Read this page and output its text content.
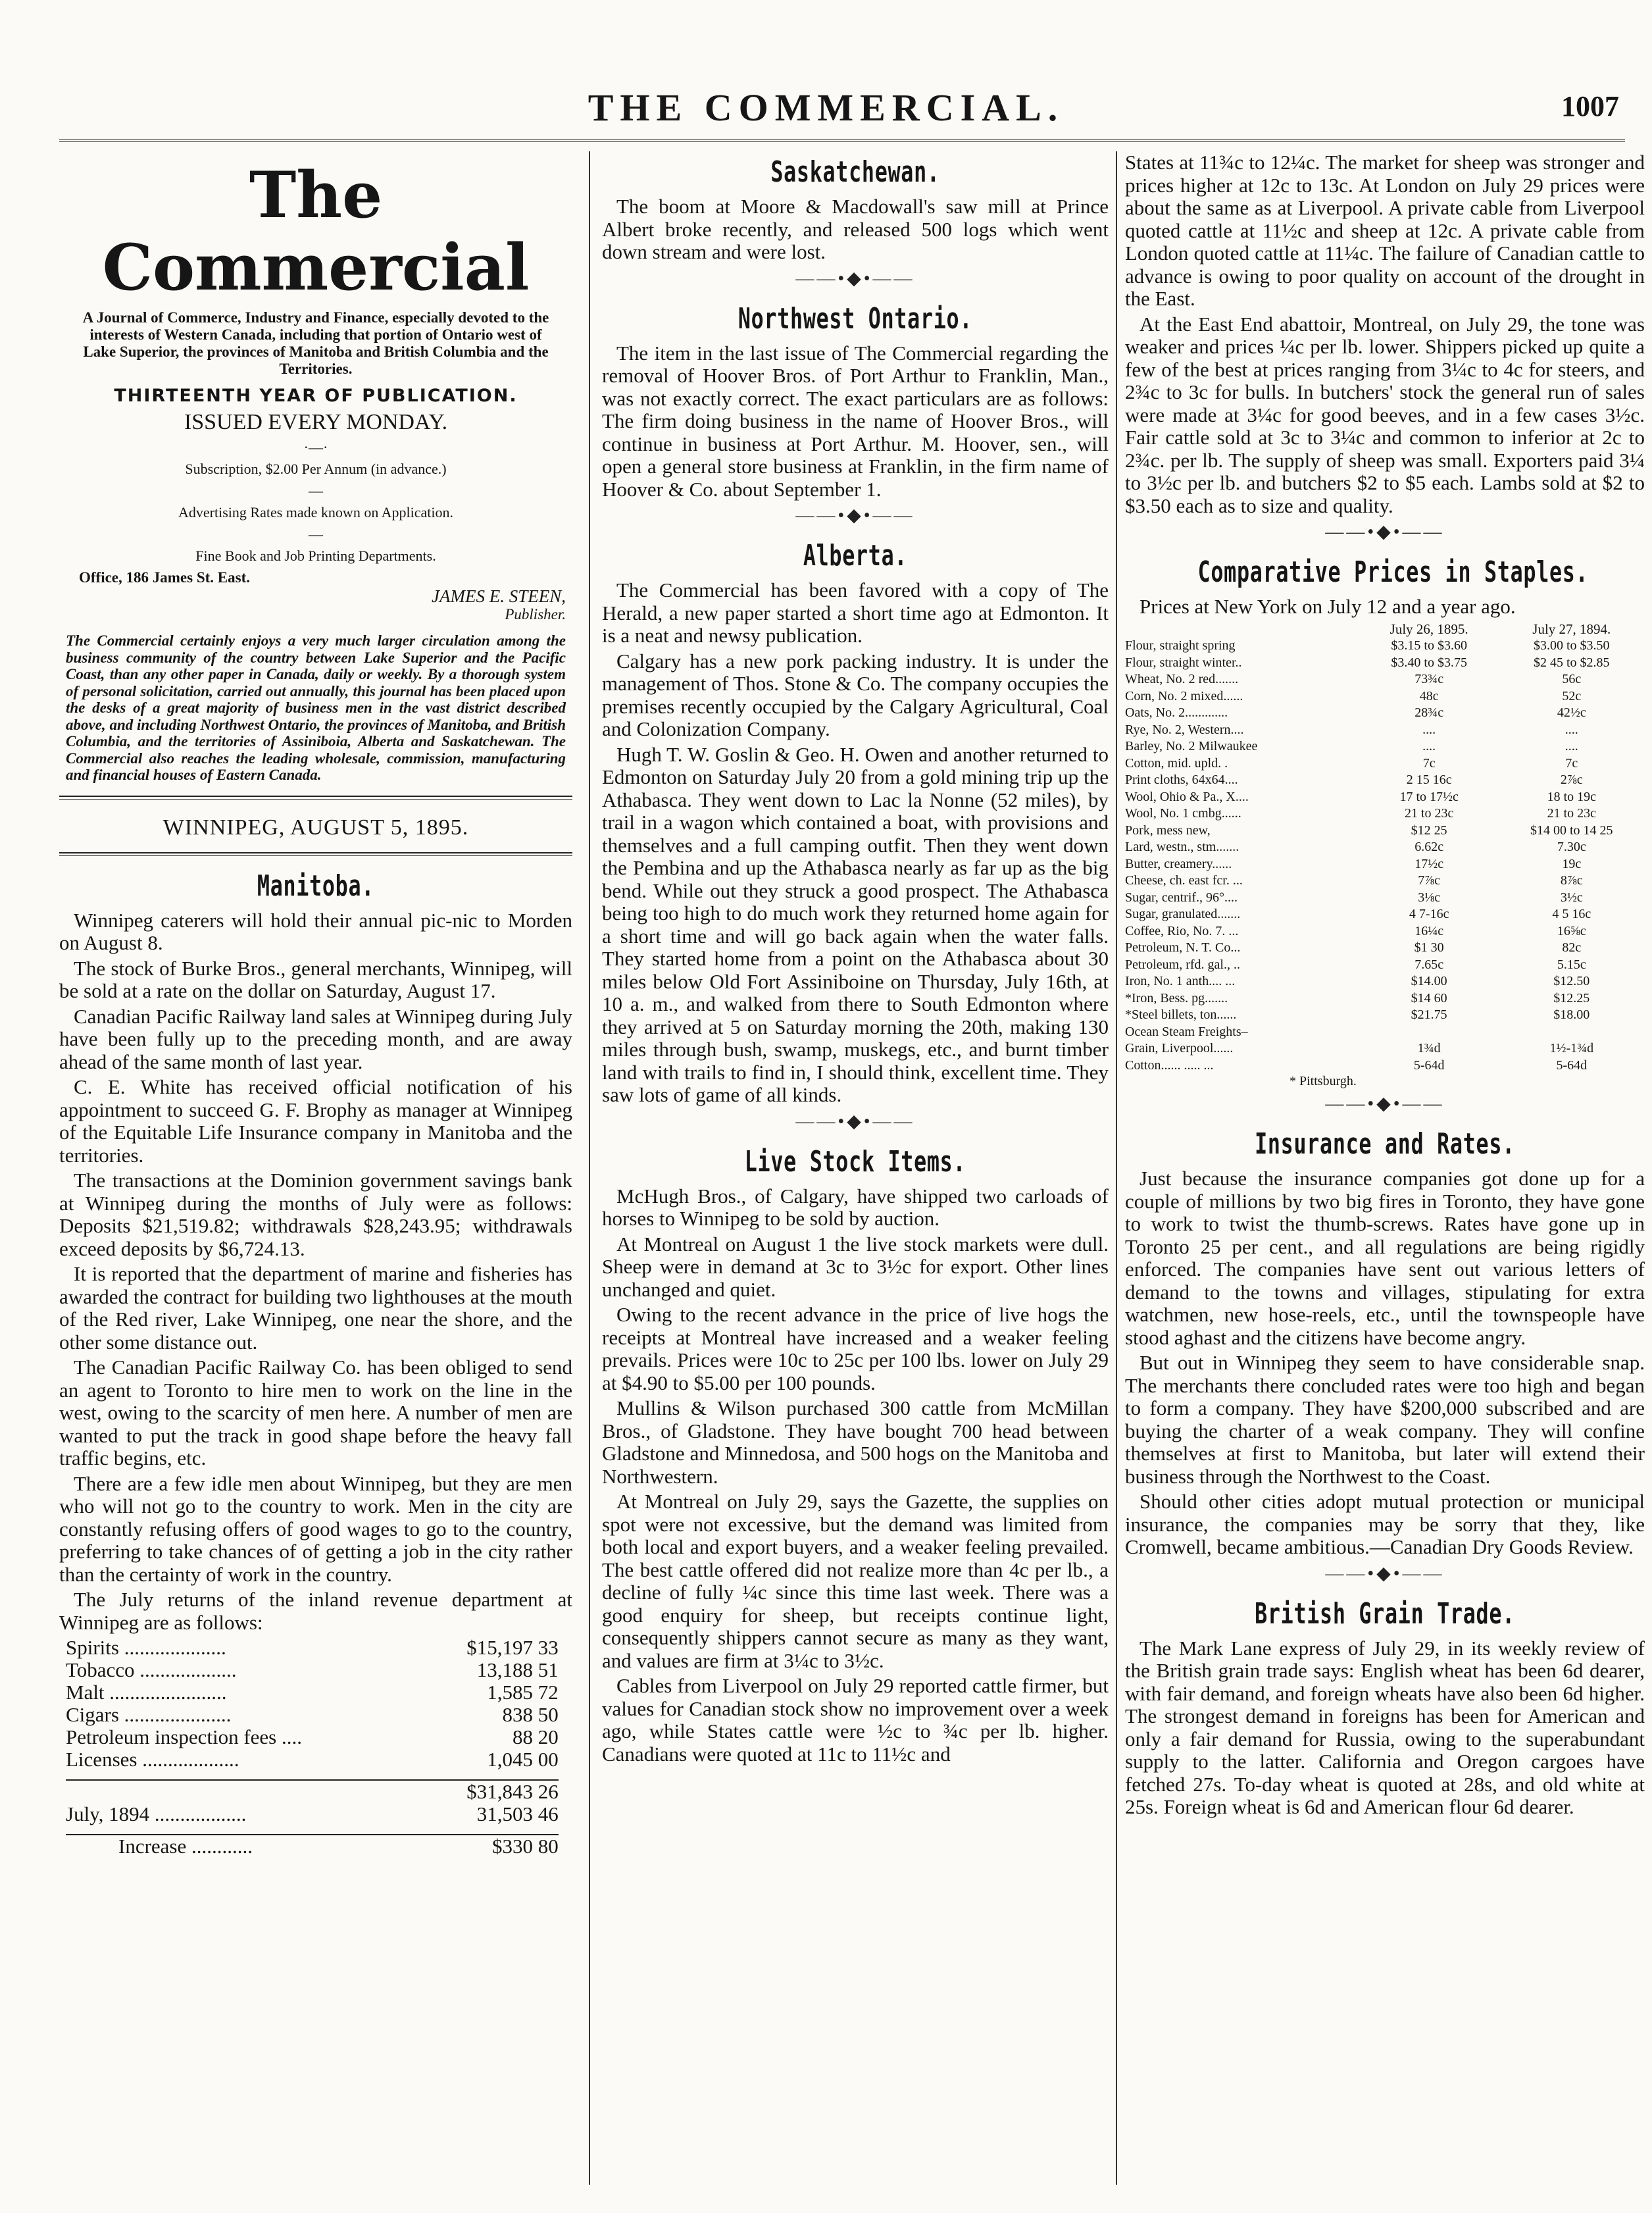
THE COMMERCIAL.	1007
The Commercial
A Journal of Commerce, Industry and Finance, especially devoted to the interests of Western Canada, including that portion of Ontario west of Lake Superior, the provinces of Manitoba and British Columbia and the Territories.
THIRTEENTH YEAR OF PUBLICATION.
ISSUED EVERY MONDAY.
·—·
Subscription, $2.00 Per Annum (in advance.)
—
Advertising Rates made known on Application.
—
Fine Book and Job Printing Departments.
Office, 186 James St. East.
JAMES E. STEEN,
Publisher.
The Commercial certainly enjoys a very much larger circulation among the business community of the country between Lake Superior and the Pacific Coast, than any other paper in Canada, daily or weekly. By a thorough system of personal solicitation, carried out annually, this journal has been placed upon the desks of a great majority of business men in the vast district described above, and including Northwest Ontario, the provinces of Manitoba, and British Columbia, and the territories of Assiniboia, Alberta and Saskatchewan. The Commercial also reaches the leading wholesale, commission, manufacturing and financial houses of Eastern Canada.
WINNIPEG, AUGUST 5, 1895.
Manitoba.

Winnipeg caterers will hold their annual pic-nic to Morden on August 8.

The stock of Burke Bros., general merchants, Winnipeg, will be sold at a rate on the dollar on Saturday, August 17.

Canadian Pacific Railway land sales at Winnipeg during July have been fully up to the preceding month, and are away ahead of the same month of last year.

C. E. White has received official notification of his appointment to succeed G. F. Brophy as manager at Winnipeg of the Equitable Life Insurance company in Manitoba and the territories.

The transactions at the Dominion government savings bank at Winnipeg during the months of July were as follows: Deposits $21,519.82; withdrawals $28,243.95; withdrawals exceed deposits by $6,724.13.

It is reported that the department of marine and fisheries has awarded the contract for building two lighthouses at the mouth of the Red river, Lake Winnipeg, one near the shore, and the other some distance out.

The Canadian Pacific Railway Co. has been obliged to send an agent to Toronto to hire men to work on the line in the west, owing to the scarcity of men here. A number of men are wanted to put the track in good shape before the heavy fall traffic begins, etc.

There are a few idle men about Winnipeg, but they are men who will not go to the country to work. Men in the city are constantly refusing offers of good wages to go to the country, preferring to take chances of of getting a job in the city rather than the certainty of work in the country.

The July returns of the inland revenue department at Winnipeg are as follows:

Spirits ....................	$15,197 33
Tobacco ...................	13,188 51
Malt .......................	1,585 72
Cigars .....................	838 50
Petroleum inspection fees ....	88 20
Licenses ...................	1,045 00

	$31,843 26
July, 1894 ..................	31,503 46

Increase ............	$330 80
Saskatchewan.

The boom at Moore & Macdowall's saw mill at Prince Albert broke recently, and released 500 logs which went down stream and were lost.

——•◆•——
Northwest Ontario.

The item in the last issue of The Commercial regarding the removal of Hoover Bros. of Port Arthur to Franklin, Man., was not exactly correct. The exact particulars are as follows: The firm doing business in the name of Hoover Bros., will continue in business at Port Arthur. M. Hoover, sen., will open a general store business at Franklin, in the firm name of Hoover & Co. about September 1.

——•◆•——
Alberta.

The Commercial has been favored with a copy of The Herald, a new paper started a short time ago at Edmonton. It is a neat and newsy publication.

Calgary has a new pork packing industry. It is under the management of Thos. Stone & Co. The company occupies the premises recently occupied by the Calgary Agricultural, Coal and Colonization Company.

Hugh T. W. Goslin & Geo. H. Owen and another returned to Edmonton on Saturday July 20 from a gold mining trip up the Athabasca. They went down to Lac la Nonne (52 miles), by trail in a wagon which contained a boat, with provisions and themselves and a full camping outfit. Then they went down the Pembina and up the Athabasca nearly as far up as the big bend. While out they struck a good prospect. The Athabasca being too high to do much work they returned home again for a short time and will go back again when the water falls. They started home from a point on the Athabasca about 30 miles below Old Fort Assiniboine on Thursday, July 16th, at 10 a. m., and walked from there to South Edmonton where they arrived at 5 on Saturday morning the 20th, making 130 miles through bush, swamp, muskegs, etc., and burnt timber land with trails to find in, I should think, excellent time. They saw lots of game of all kinds.

——•◆•——
Live Stock Items.

McHugh Bros., of Calgary, have shipped two carloads of horses to Winnipeg to be sold by auction.

At Montreal on August 1 the live stock markets were dull. Sheep were in demand at 3c to 3½c for export. Other lines unchanged and quiet.

Owing to the recent advance in the price of live hogs the receipts at Montreal have increased and a weaker feeling prevails. Prices were 10c to 25c per 100 lbs. lower on July 29 at $4.90 to $5.00 per 100 pounds.

Mullins & Wilson purchased 300 cattle from McMillan Bros., of Gladstone. They have bought 700 head between Gladstone and Minnedosa, and 500 hogs on the Manitoba and Northwestern.

At Montreal on July 29, says the Gazette, the supplies on spot were not excessive, but the demand was limited from both local and export buyers, and a weaker feeling prevailed. The best cattle offered did not realize more than 4c per lb., a decline of fully ¼c since this time last week. There was a good enquiry for sheep, but receipts continue light, consequently shippers cannot secure as many as they want, and values are firm at 3¼c to 3½c.

Cables from Liverpool on July 29 reported cattle firmer, but values for Canadian stock show no improvement over a week ago, while States cattle were ½c to ¾c per lb. higher. Canadians were quoted at 11c to 11½c and

States at 11¾c to 12¼c. The market for sheep was stronger and prices higher at 12c to 13c. At London on July 29 prices were about the same as at Liverpool. A private cable from Liverpool quoted cattle at 11½c and sheep at 12c. A private cable from London quoted cattle at 11¼c. The failure of Canadian cattle to advance is owing to poor quality on account of the drought in the East.

At the East End abattoir, Montreal, on July 29, the tone was weaker and prices ¼c per lb. lower. Shippers picked up quite a few of the best at prices ranging from 3¼c to 4c for steers, and 2¾c to 3c for bulls. In butchers' stock the general run of sales were made at 3¼c for good beeves, and in a few cases 3½c. Fair cattle sold at 3c to 3¼c and common to inferior at 2c to 2¾c. per lb. The supply of sheep was small. Exporters paid 3¼ to 3½c per lb. and butchers $2 to $5 each. Lambs sold at $2 to $3.50 each as to size and quality.

——•◆•——
Comparative Prices in Staples.

Prices at New York on July 12 and a year ago.

	July 26, 1895.	July 27, 1894.
Flour, straight spring	$3.15 to $3.60	$3.00 to $3.50
Flour, straight winter..	$3.40 to $3.75	$2 45 to $2.85
Wheat, No. 2 red.......	73¾c	56c
Corn, No. 2 mixed......	48c	52c
Oats, No. 2.............	28¾c	42½c
Rye, No. 2, Western....	....	....
Barley, No. 2 Milwaukee	....	....
Cotton, mid. upld. .	7c	7c
Print cloths, 64x64....	2 15 16c	2⅞c
Wool, Ohio & Pa., X....	17 to 17½c	18 to 19c
Wool, No. 1 cmbg......	21 to 23c	21 to 23c
Pork, mess new,	$12 25	$14 00 to 14 25
Lard, westn., stm.......	6.62c	7.30c
Butter, creamery......	17½c	19c
Cheese, ch. east fcr. ...	7⅞c	8⅞c
Sugar, centrif., 96°....	3⅛c	3½c
Sugar, granulated.......	4 7-16c	4 5 16c
Coffee, Rio, No. 7. ...	16¼c	16⅝c
Petroleum, N. T. Co...	$1 30	82c
Petroleum, rfd. gal., ..	7.65c	5.15c
Iron, No. 1 anth.... ...	$14.00	$12.50
*Iron, Bess. pg.......	$14 60	$12.25
*Steel billets, ton......	$21.75	$18.00
Ocean Steam Freights–		
Grain, Liverpool......	1¾d	1½-1¾d
Cotton...... ..... ...	5-64d	5-64d
* Pittsburgh.
——•◆•——
Insurance and Rates.

Just because the insurance companies got done up for a couple of millions by two big fires in Toronto, they have gone to work to twist the thumb-screws. Rates have gone up in Toronto 25 per cent., and all regulations are being rigidly enforced. The companies have sent out various letters of demand to the towns and villages, stipulating for extra watchmen, new hose-reels, etc., until the townspeople have stood aghast and the citizens have become angry.

But out in Winnipeg they seem to have considerable snap. The merchants there concluded rates were too high and began to form a company. They have $200,000 subscribed and are buying the charter of a weak company. They will confine themselves at first to Manitoba, but later will extend their business through the Northwest to the Coast.

Should other cities adopt mutual protection or municipal insurance, the companies may be sorry that they, like Cromwell, became ambitious.—Canadian Dry Goods Review.

——•◆•——
British Grain Trade.

The Mark Lane express of July 29, in its weekly review of the British grain trade says: English wheat has been 6d dearer, with fair demand, and foreign wheats have also been 6d higher. The strongest demand in foreigns has been for American and only a fair demand for Russia, owing to the superabundant supply to the latter. California and Oregon cargoes have fetched 27s. To-day wheat is quoted at 28s, and old white at 25s. Foreign wheat is 6d and American flour 6d dearer.
